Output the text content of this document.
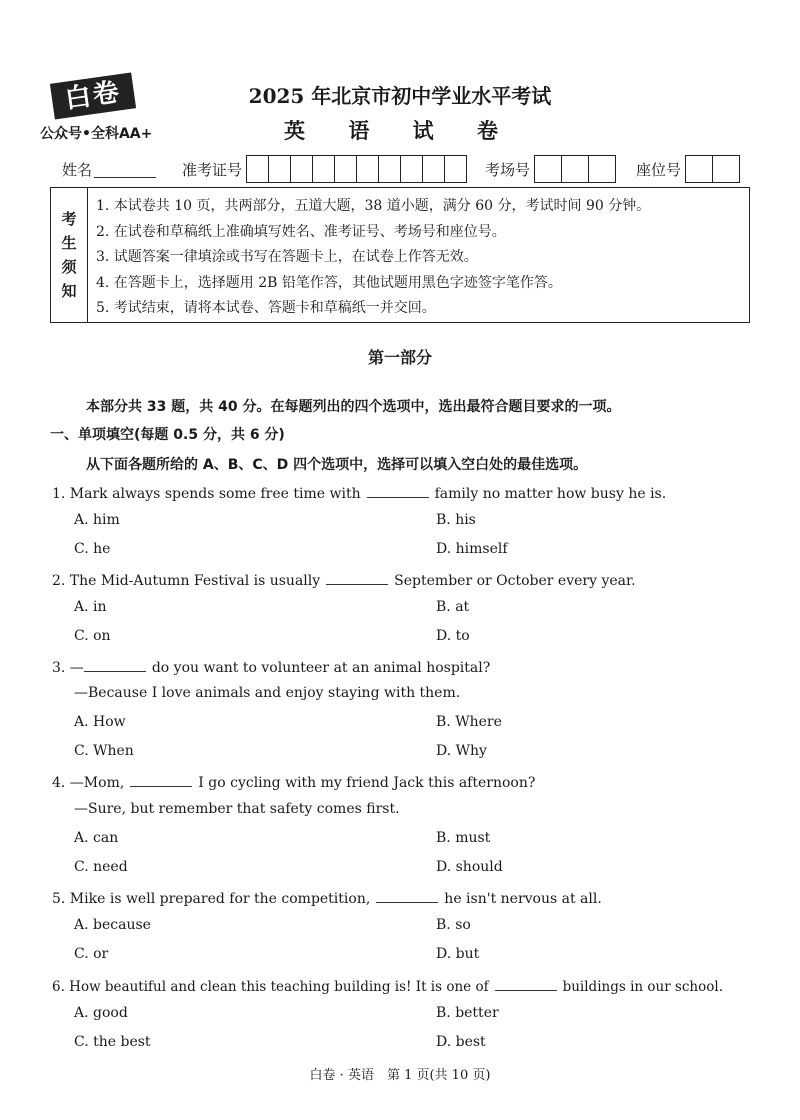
白卷
公众号•全科AA+
2025 年北京市初中学业水平考试
英 语 试 卷
姓名	准考证号	考场号	座位号
考
生
须
知
1. 本试卷共 10 页，共两部分，五道大题，38 道小题，满分 60 分，考试时间 90 分钟。
2. 在试卷和草稿纸上准确填写姓名、准考证号、考场号和座位号。
3. 试题答案一律填涂或书写在答题卡上，在试卷上作答无效。
4. 在答题卡上，选择题用 2B 铅笔作答，其他试题用黑色字迹签字笔作答。
5. 考试结束，请将本试卷、答题卡和草稿纸一并交回。
第一部分
本部分共 33 题，共 40 分。在每题列出的四个选项中，选出最符合题目要求的一项。
一、单项填空(每题 0.5 分，共 6 分)
从下面各题所给的 A、B、C、D 四个选项中，选择可以填入空白处的最佳选项。
1. Mark always spends some free time with	family no matter how busy he is.
A. him	B. his
C. he	D. himself
2. The Mid-Autumn Festival is usually	September or October every year.
A. in	B. at
C. on	D. to
3. —	do you want to volunteer at an animal hospital?
—Because I love animals and enjoy staying with them.
A. How	B. Where
C. When	D. Why
4. —Mom,	I go cycling with my friend Jack this afternoon?
—Sure, but remember that safety comes first.
A. can	B. must
C. need	D. should
5. Mike is well prepared for the competition,	he isn't nervous at all.
A. because	B. so
C. or	D. but
6. How beautiful and clean this teaching building is! It is one of	buildings in our school.
A. good	B. better
C. the best	D. best
白卷 · 英语　第 1 页(共 10 页)
